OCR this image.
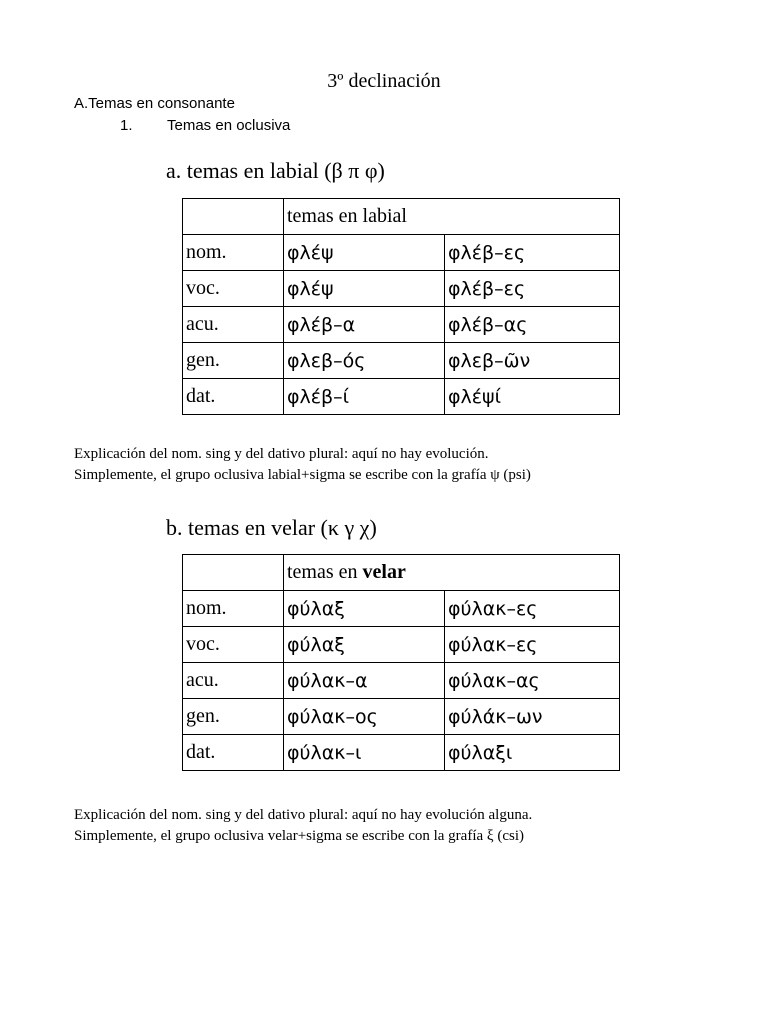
3º declinación
A.Temas en consonante
1. Temas en oclusiva
a. temas en labial (β π φ)
	temas en labial	
nom.	φλέψ	φλέβ–ες
voc.	φλέψ	φλέβ–ες
acu.	φλέβ–α	φλέβ–ας
gen.	φλεβ–ός	φλεβ–ῶν
dat.	φλέβ–ί	φλέψί

Explicación del nom. sing y del dativo plural: aquí no hay evolución.

Simplemente, el grupo oclusiva labial+sigma se escribe con la grafía ψ (psi)

b. temas en velar (κ γ χ)
	temas en velar	
nom.	φύλαξ	φύλακ–ες
voc.	φύλαξ	φύλακ–ες
acu.	φύλακ–α	φύλακ–ας
gen.	φύλακ–ος	φύλάκ–ων
dat.	φύλακ–ι	φύλαξι

Explicación del nom. sing y del dativo plural: aquí no hay evolución alguna.

Simplemente, el grupo oclusiva velar+sigma se escribe con la grafía ξ (csi)
